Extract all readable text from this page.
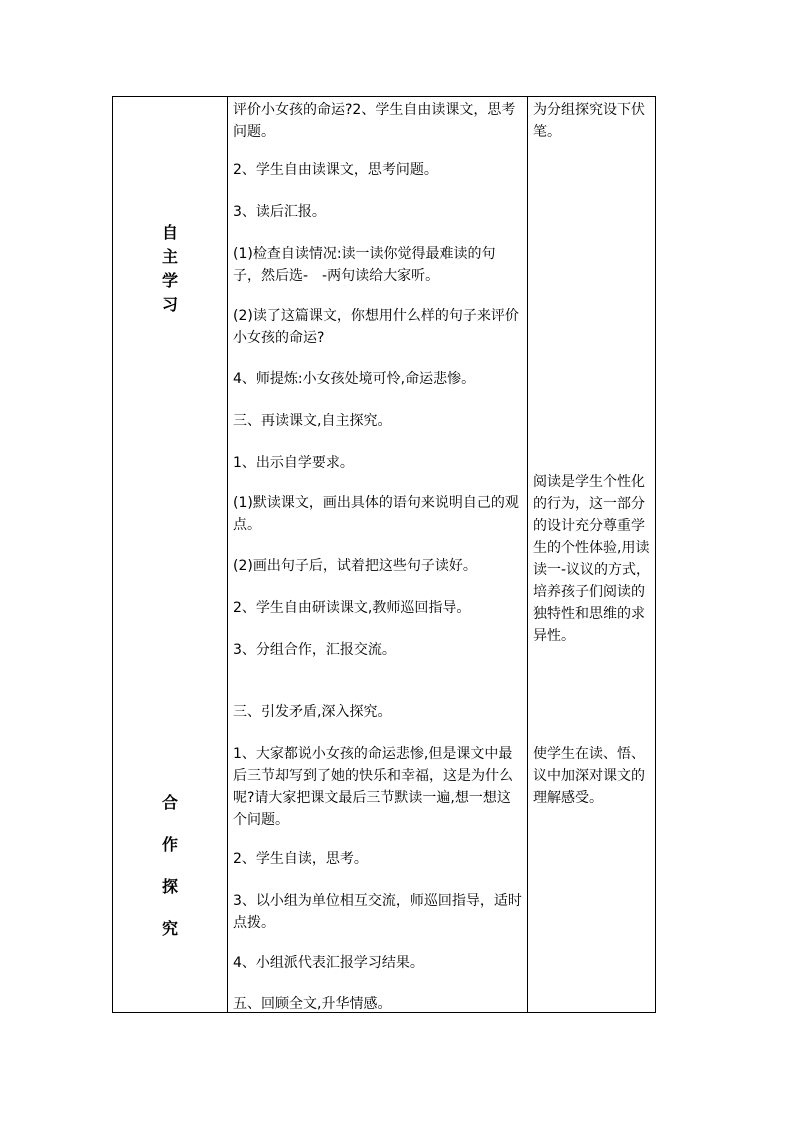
自
主
学
习
合
作
探
究

评价小女孩的命运?2、学生自由读课文，思考问题。

2、学生自由读课文，思考问题。

3、读后汇报。

(1)检查自读情况:读一读你觉得最难读的句子，然后选-　-两句读给大家听。

(2)读了这篇课文，你想用什么样的句子来评价小女孩的命运?

4、师提炼:小女孩处境可怜,命运悲惨。

三、再读课文,自主探究。

1、出示自学要求。

(1)默读课文，画出具体的语句来说明自己的观点。

(2)画出句子后，试着把这些句子读好。

2、学生自由研读课文,教师巡回指导。

3、分组合作，汇报交流。

三、引发矛盾,深入探究。

1、大家都说小女孩的命运悲惨,但是课文中最后三节却写到了她的快乐和幸福，这是为什么呢?请大家把课文最后三节默读一遍,想一想这个问题。

2、学生自读，思考。

3、以小组为单位相互交流，师巡回指导，适时点拨。

4、小组派代表汇报学习结果。

五、回顾全文,升华情感。

为分组探究设下伏笔。

阅读是学生个性化的行为，这一部分的设计充分尊重学生的个性体验,用读读一-议议的方式，培养孩子们阅读的独特性和思维的求异性。

使学生在读、悟、议中加深对课文的理解感受。
